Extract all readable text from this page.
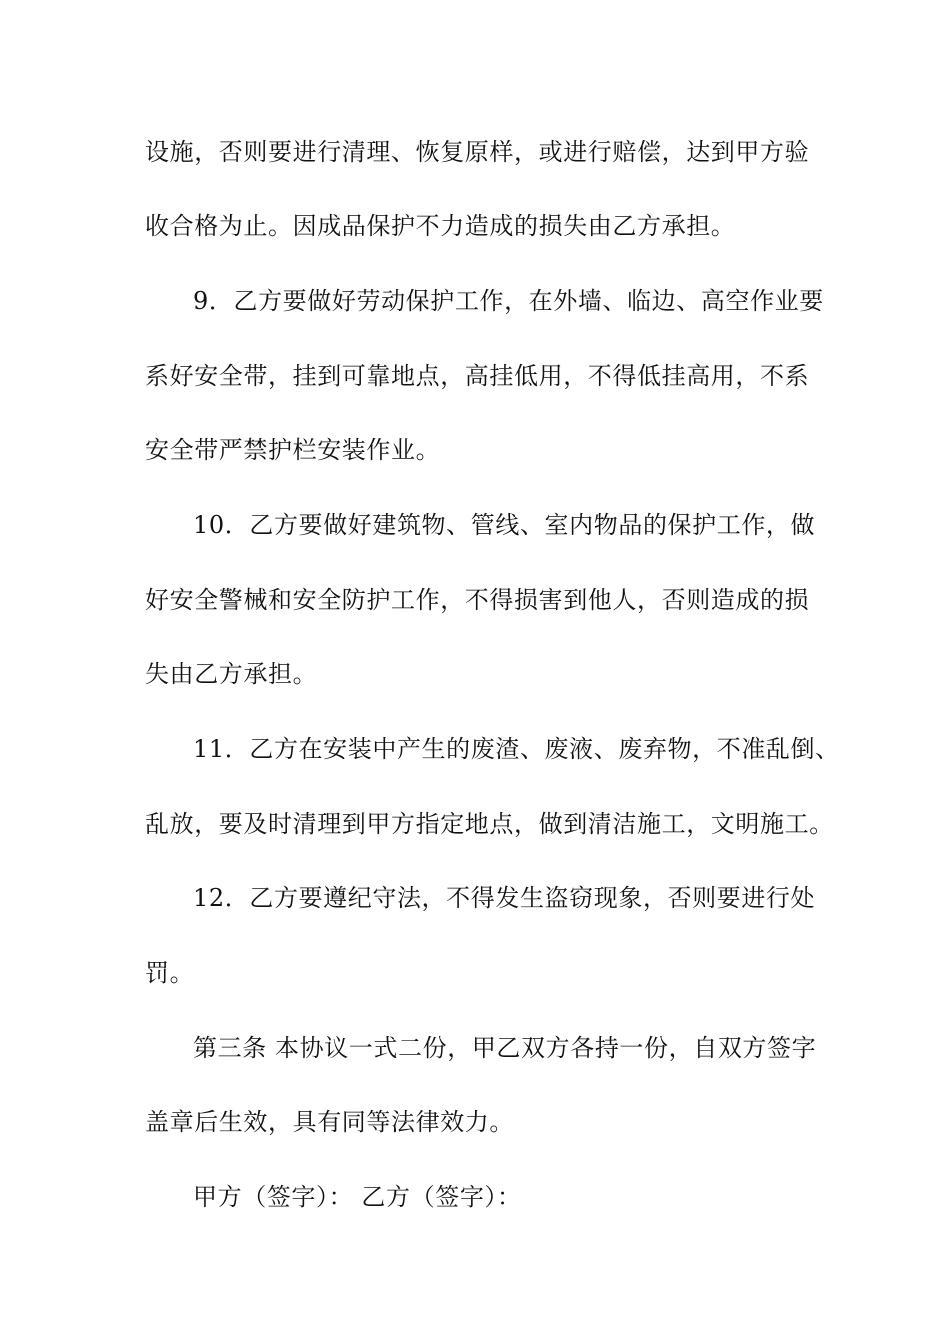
设施，否则要进行清理、恢复原样，或进行赔偿，达到甲方验
收合格为止。因成品保护不力造成的损失由乙方承担。
9．乙方要做好劳动保护工作，在外墙、临边、高空作业要
系好安全带，挂到可靠地点，高挂低用，不得低挂高用，不系
安全带严禁护栏安装作业。
10．乙方要做好建筑物、管线、室内物品的保护工作，做
好安全警械和安全防护工作，不得损害到他人，否则造成的损
失由乙方承担。
11．乙方在安装中产生的废渣、废液、废弃物，不准乱倒、
乱放，要及时清理到甲方指定地点，做到清洁施工，文明施工。
12．乙方要遵纪守法，不得发生盗窃现象，否则要进行处
罚。
第三条 本协议一式二份，甲乙双方各持一份，自双方签字
盖章后生效，具有同等法律效力。
甲方（签字）： 乙方（签字）：
